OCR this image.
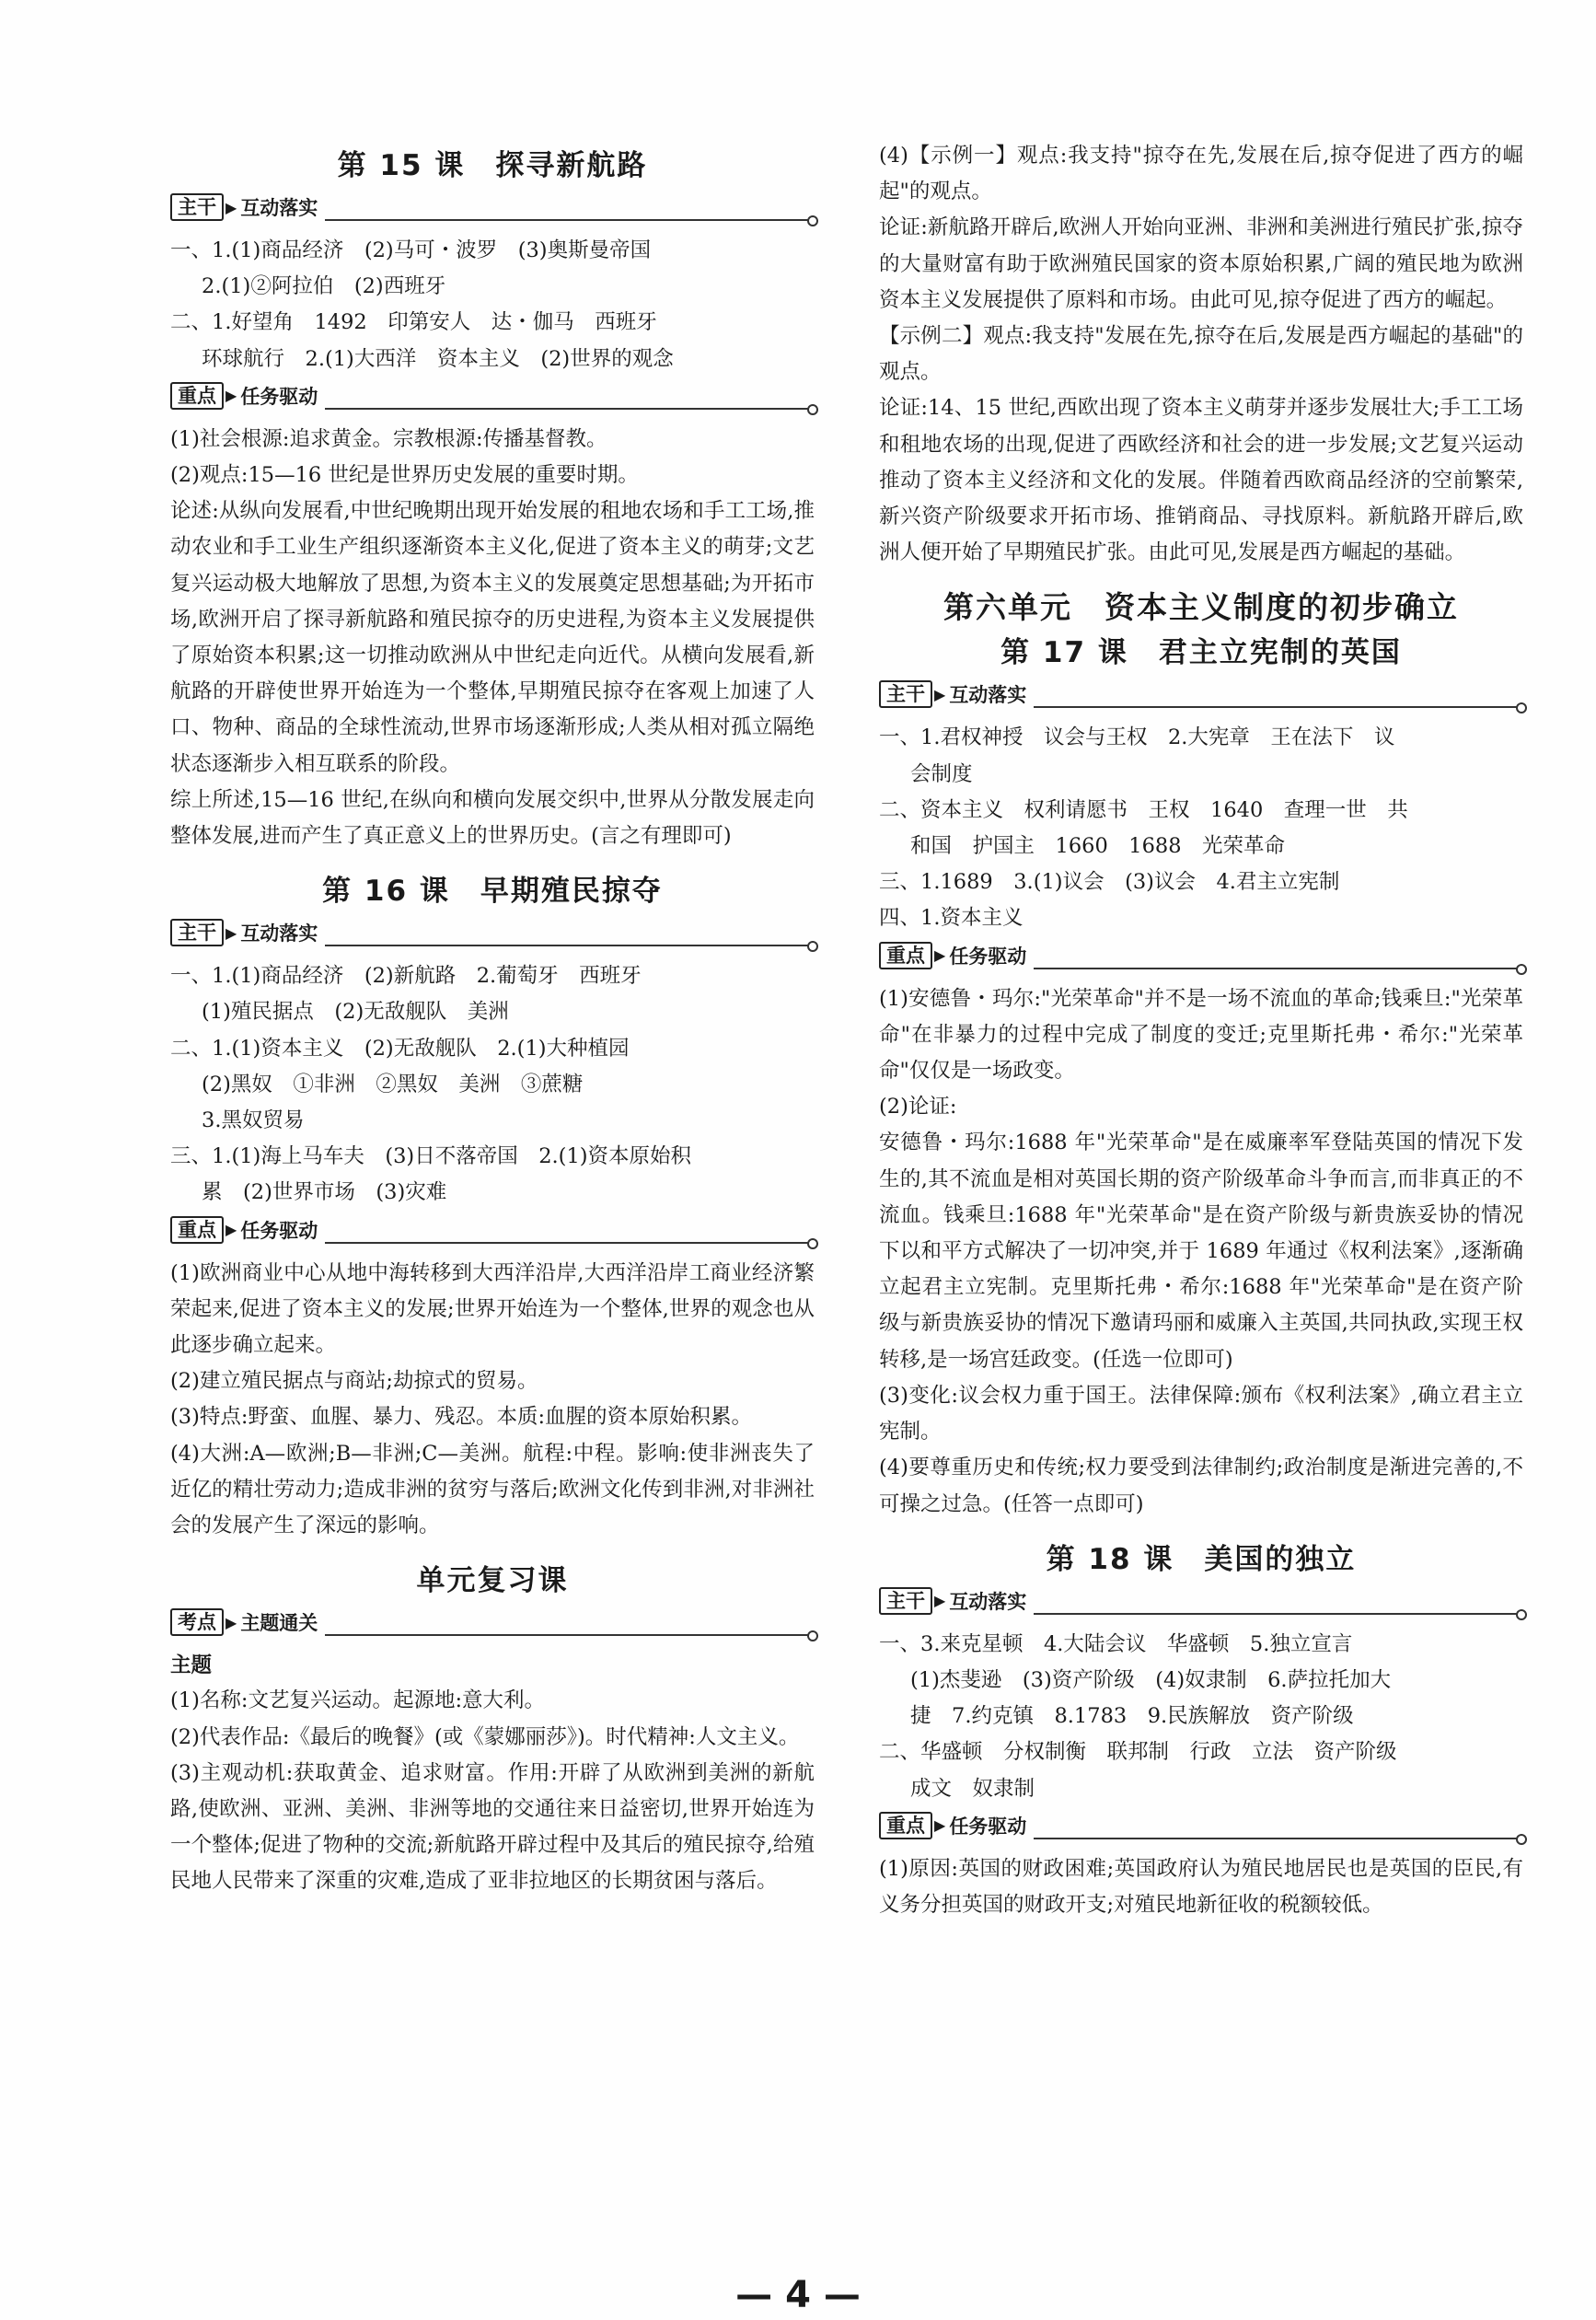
第 15 课　探寻新航路
主干 ▶ 互动落实

一、1.(1)商品经济　(2)马可・波罗　(3)奥斯曼帝国

2.(1)②阿拉伯　(2)西班牙

二、1.好望角　1492　印第安人　达・伽马　西班牙

环球航行　2.(1)大西洋　资本主义　(2)世界的观念

重点 ▶ 任务驱动

(1)社会根源:追求黄金。宗教根源:传播基督教。

(2)观点:15—16 世纪是世界历史发展的重要时期。

论述:从纵向发展看,中世纪晚期出现开始发展的租地农场和手工工场,推动农业和手工业生产组织逐渐资本主义化,促进了资本主义的萌芽;文艺复兴运动极大地解放了思想,为资本主义的发展奠定思想基础;为开拓市场,欧洲开启了探寻新航路和殖民掠夺的历史进程,为资本主义发展提供了原始资本积累;这一切推动欧洲从中世纪走向近代。从横向发展看,新航路的开辟使世界开始连为一个整体,早期殖民掠夺在客观上加速了人口、物种、商品的全球性流动,世界市场逐渐形成;人类从相对孤立隔绝状态逐渐步入相互联系的阶段。

综上所述,15—16 世纪,在纵向和横向发展交织中,世界从分散发展走向整体发展,进而产生了真正意义上的世界历史。(言之有理即可)

第 16 课　早期殖民掠夺
主干 ▶ 互动落实

一、1.(1)商品经济　(2)新航路　2.葡萄牙　西班牙

(1)殖民据点　(2)无敌舰队　美洲

二、1.(1)资本主义　(2)无敌舰队　2.(1)大种植园

(2)黑奴　①非洲　②黑奴　美洲　③蔗糖

3.黑奴贸易

三、1.(1)海上马车夫　(3)日不落帝国　2.(1)资本原始积

累　(2)世界市场　(3)灾难

重点 ▶ 任务驱动

(1)欧洲商业中心从地中海转移到大西洋沿岸,大西洋沿岸工商业经济繁荣起来,促进了资本主义的发展;世界开始连为一个整体,世界的观念也从此逐步确立起来。

(2)建立殖民据点与商站;劫掠式的贸易。

(3)特点:野蛮、血腥、暴力、残忍。本质:血腥的资本原始积累。

(4)大洲:A—欧洲;B—非洲;C—美洲。航程:中程。影响:使非洲丧失了近亿的精壮劳动力;造成非洲的贫穷与落后;欧洲文化传到非洲,对非洲社会的发展产生了深远的影响。

单元复习课
考点 ▶ 主题通关
主题

(1)名称:文艺复兴运动。起源地:意大利。

(2)代表作品:《最后的晚餐》(或《蒙娜丽莎》)。时代精神:人文主义。

(3)主观动机:获取黄金、追求财富。作用:开辟了从欧洲到美洲的新航路,使欧洲、亚洲、美洲、非洲等地的交通往来日益密切,世界开始连为一个整体;促进了物种的交流;新航路开辟过程中及其后的殖民掠夺,给殖民地人民带来了深重的灾难,造成了亚非拉地区的长期贫困与落后。

(4)【示例一】观点:我支持"掠夺在先,发展在后,掠夺促进了西方的崛起"的观点。

论证:新航路开辟后,欧洲人开始向亚洲、非洲和美洲进行殖民扩张,掠夺的大量财富有助于欧洲殖民国家的资本原始积累,广阔的殖民地为欧洲资本主义发展提供了原料和市场。由此可见,掠夺促进了西方的崛起。

【示例二】观点:我支持"发展在先,掠夺在后,发展是西方崛起的基础"的观点。

论证:14、15 世纪,西欧出现了资本主义萌芽并逐步发展壮大;手工工场和租地农场的出现,促进了西欧经济和社会的进一步发展;文艺复兴运动推动了资本主义经济和文化的发展。伴随着西欧商品经济的空前繁荣,新兴资产阶级要求开拓市场、推销商品、寻找原料。新航路开辟后,欧洲人便开始了早期殖民扩张。由此可见,发展是西方崛起的基础。

第六单元　资本主义制度的初步确立
第 17 课　君主立宪制的英国
主干 ▶ 互动落实

一、1.君权神授　议会与王权　2.大宪章　王在法下　议

会制度

二、资本主义　权利请愿书　王权　1640　查理一世　共

和国　护国主　1660　1688　光荣革命

三、1.1689　3.(1)议会　(3)议会　4.君主立宪制

四、1.资本主义

重点 ▶ 任务驱动

(1)安德鲁・玛尔:"光荣革命"并不是一场不流血的革命;钱乘旦:"光荣革命"在非暴力的过程中完成了制度的变迁;克里斯托弗・希尔:"光荣革命"仅仅是一场政变。

(2)论证:

安德鲁・玛尔:1688 年"光荣革命"是在威廉率军登陆英国的情况下发生的,其不流血是相对英国长期的资产阶级革命斗争而言,而非真正的不流血。钱乘旦:1688 年"光荣革命"是在资产阶级与新贵族妥协的情况下以和平方式解决了一切冲突,并于 1689 年通过《权利法案》,逐渐确立起君主立宪制。克里斯托弗・希尔:1688 年"光荣革命"是在资产阶级与新贵族妥协的情况下邀请玛丽和威廉入主英国,共同执政,实现王权转移,是一场宫廷政变。(任选一位即可)

(3)变化:议会权力重于国王。法律保障:颁布《权利法案》,确立君主立宪制。

(4)要尊重历史和传统;权力要受到法律制约;政治制度是渐进完善的,不可操之过急。(任答一点即可)

第 18 课　美国的独立
主干 ▶ 互动落实

一、3.来克星顿　4.大陆会议　华盛顿　5.独立宣言

(1)杰斐逊　(3)资产阶级　(4)奴隶制　6.萨拉托加大

捷　7.约克镇　8.1783　9.民族解放　资产阶级

二、华盛顿　分权制衡　联邦制　行政　立法　资产阶级

成文　奴隶制

重点 ▶ 任务驱动

(1)原因:英国的财政困难;英国政府认为殖民地居民也是英国的臣民,有义务分担英国的财政开支;对殖民地新征收的税额较低。

— 4 —
